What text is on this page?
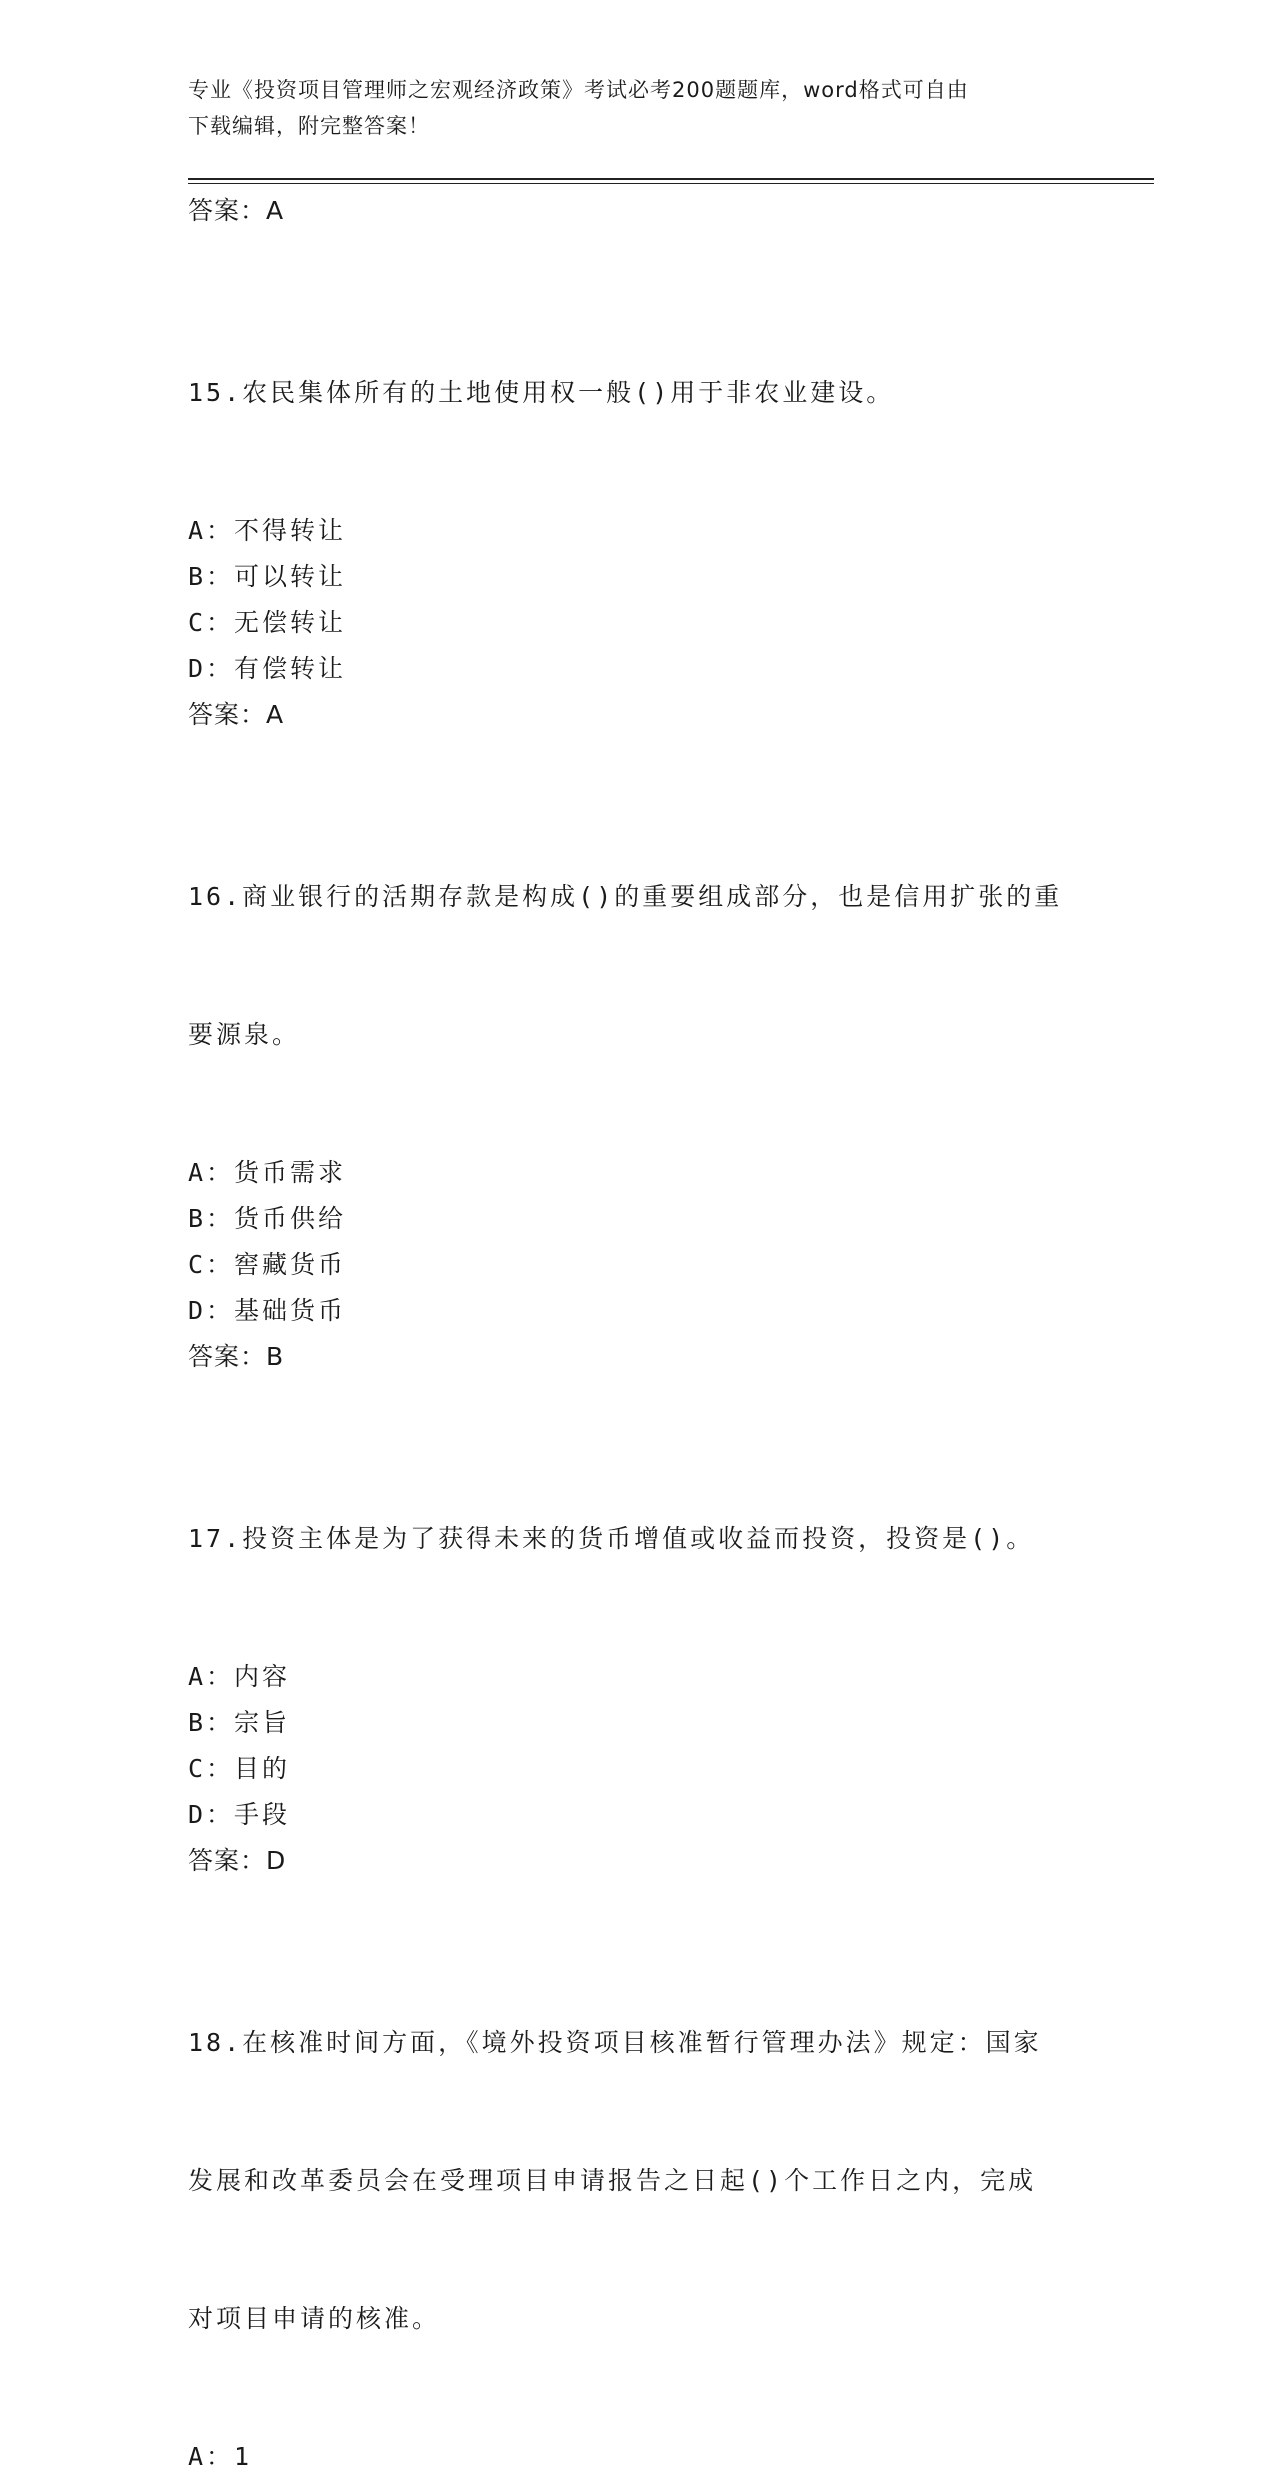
专业《投资项目管理师之宏观经济政策》考试必考200题题库，word格式可自由
下载编辑，附完整答案！
答案：A

15.农民集体所有的土地使用权一般()用于非农业建设。

A：不得转让
B：可以转让
C：无偿转让
D：有偿转让
答案：A

16.商业银行的活期存款是构成()的重要组成部分，也是信用扩张的重

要源泉。

A：货币需求
B：货币供给
C：窖藏货币
D：基础货币
答案：B

17.投资主体是为了获得未来的货币增值或收益而投资，投资是()。

A：内容
B：宗旨
C：目的
D：手段
答案：D

18.在核准时间方面，《境外投资项目核准暂行管理办法》规定：国家

发展和改革委员会在受理项目申请报告之日起()个工作日之内，完成

对项目申请的核准。

A：1
